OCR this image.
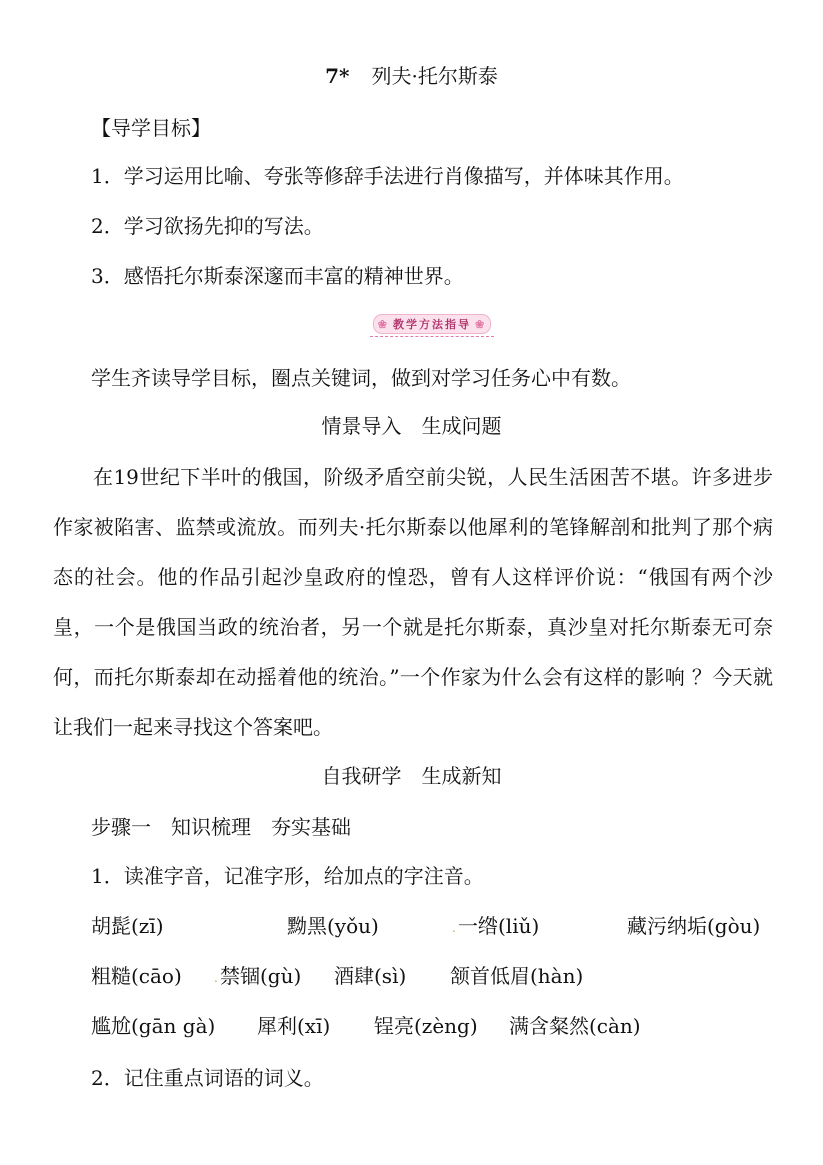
7* 列夫·托尔斯泰
【导学目标】
1．学习运用比喻、夸张等修辞手法进行肖像描写，并体味其作用。
2．学习欲扬先抑的写法。
3．感悟托尔斯泰深邃而丰富的精神世界。
❀ 教学方法指导 ❀
学生齐读导学目标，圈点关键词，做到对学习任务心中有数。
情景导入　生成问题
在19世纪下半叶的俄国，阶级矛盾空前尖锐，人民生活困苦不堪。许多进步作家被陷害、监禁或流放。而列夫·托尔斯泰以他犀利的笔锋解剖和批判了那个病态的社会。他的作品引起沙皇政府的惶恐，曾有人这样评价说：“俄国有两个沙皇，一个是俄国当政的统治者，另一个就是托尔斯泰，真沙皇对托尔斯泰无可奈何，而托尔斯泰却在动摇着他的统治。”一个作家为什么会有这样的影响 ？今天就让我们一起来寻找这个答案吧。
自我研学　生成新知
步骤一　知识梳理　夯实基础
1．读准字音，记准字形，给加点的字注音。
胡髭(zī)	黝黑(yǒu)	. 一绺(liǔ)	藏污纳垢(gòu)
粗糙(cāo)	. 禁锢(gù) 酒肆(sì) 颔首低眉(hàn)
尴尬(gān gà) 犀利(xī) 锃亮(zèng) 满含粲然(càn)
2．记住重点词语的词义。
